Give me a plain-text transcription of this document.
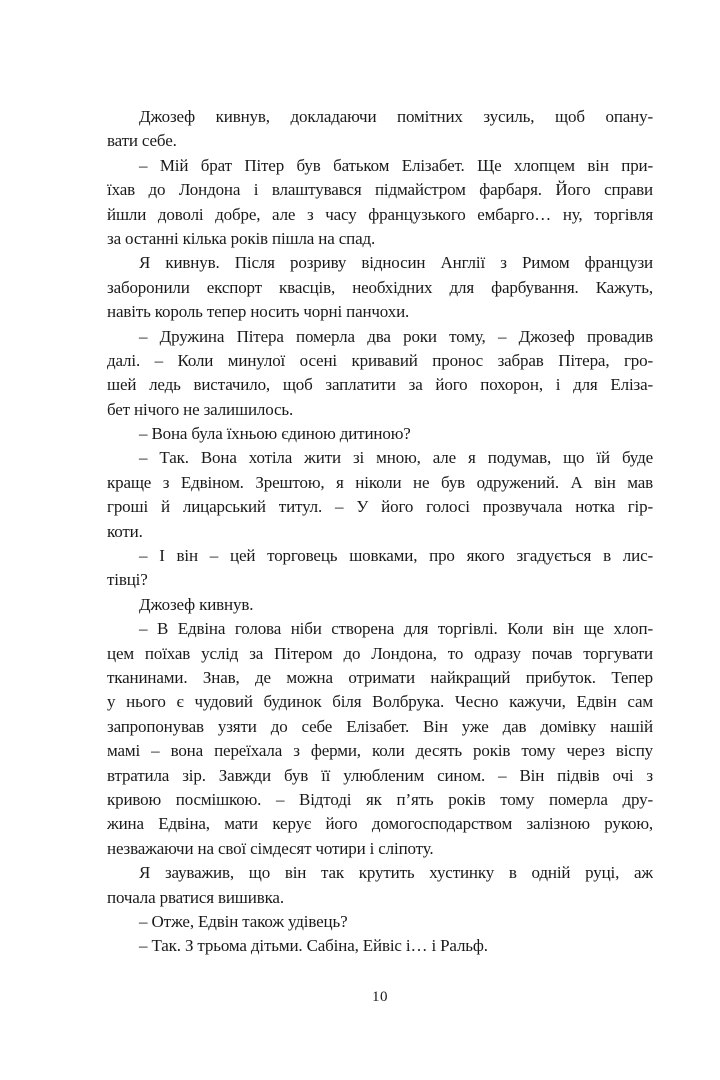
Джозеф кивнув, докладаючи помітних зусиль, щоб опану-
вати себе.
– Мій брат Пітер був батьком Елізабет. Ще хлопцем він при-
їхав до Лондона і влаштувався підмайстром фарбаря. Його справи
йшли доволі добре, але з часу французького ембарго… ну, торгівля
за останні кілька років пішла на спад.
Я кивнув. Після розриву відносин Англії з Римом французи
заборонили експорт квасців, необхідних для фарбування. Кажуть,
навіть король тепер носить чорні панчохи.
– Дружина Пітера померла два роки тому, – Джозеф провадив
далі. – Коли минулої осені кривавий пронос забрав Пітера, гро-
шей ледь вистачило, щоб заплатити за його похорон, і для Еліза-
бет нічого не залишилось.
– Вона була їхньою єдиною дитиною?
– Так. Вона хотіла жити зі мною, але я подумав, що їй буде
краще з Едвіном. Зрештою, я ніколи не був одружений. А він мав
гроші й лицарський титул. – У його голосі прозвучала нотка гір-
коти.
– І він – цей торговець шовками, про якого згадується в лис-
тівці?
Джозеф кивнув.
– В Едвіна голова ніби створена для торгівлі. Коли він ще хлоп-
цем поїхав услід за Пітером до Лондона, то одразу почав торгувати
тканинами. Знав, де можна отримати найкращий прибуток. Тепер
у нього є чудовий будинок біля Волбрука. Чесно кажучи, Едвін сам
запропонував узяти до себе Елізабет. Він уже дав домівку нашій
мамі – вона переїхала з ферми, коли десять років тому через віспу
втратила зір. Завжди був її улюбленим сином. – Він підвів очі з
кривою посмішкою. – Відтоді як п’ять років тому померла дру-
жина Едвіна, мати керує його домогосподарством залізною рукою,
незважаючи на свої сімдесят чотири і сліпоту.
Я зауважив, що він так крутить хустинку в одній руці, аж
почала рватися вишивка.
– Отже, Едвін також удівець?
– Так. З трьома дітьми. Сабіна, Ейвіс і… і Ральф.
10
